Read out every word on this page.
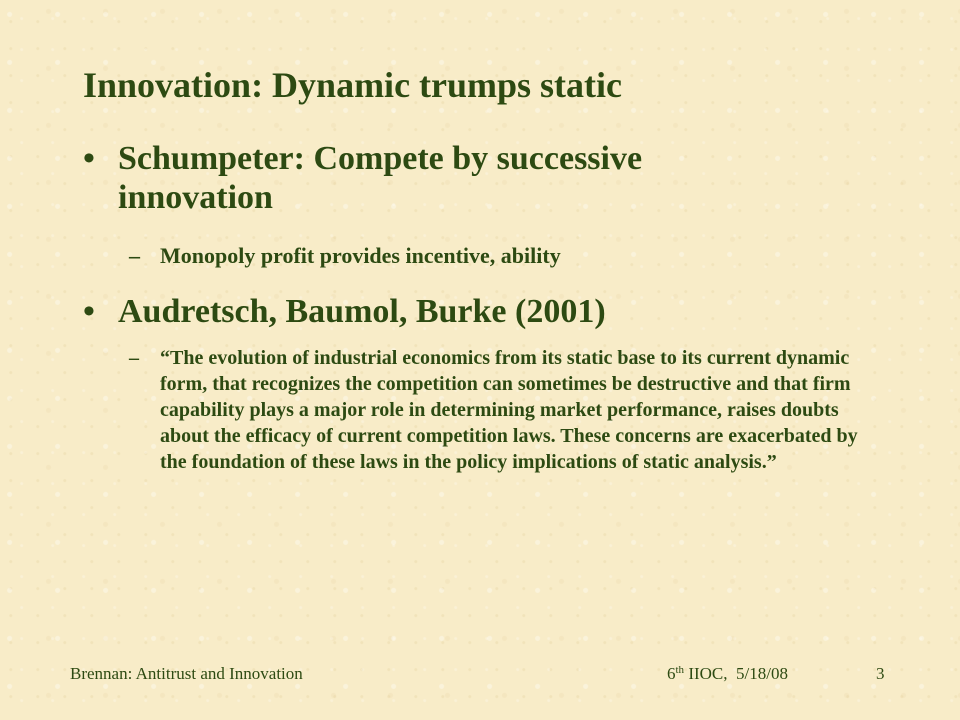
Innovation: Dynamic trumps static
• Schumpeter: Compete by successive innovation
– Monopoly profit provides incentive, ability
• Audretsch, Baumol, Burke (2001)
–	“The evolution of industrial economics from its static base to its current dynamic form, that recognizes the competition can sometimes be destructive and that firm capability plays a major role in determining market performance, raises doubts about the efficacy of current competition laws. These concerns are exacerbated by the foundation of these laws in the policy implications of static analysis.”
Brennan: Antitrust and Innovation	6th IIOC,  5/18/08	3
